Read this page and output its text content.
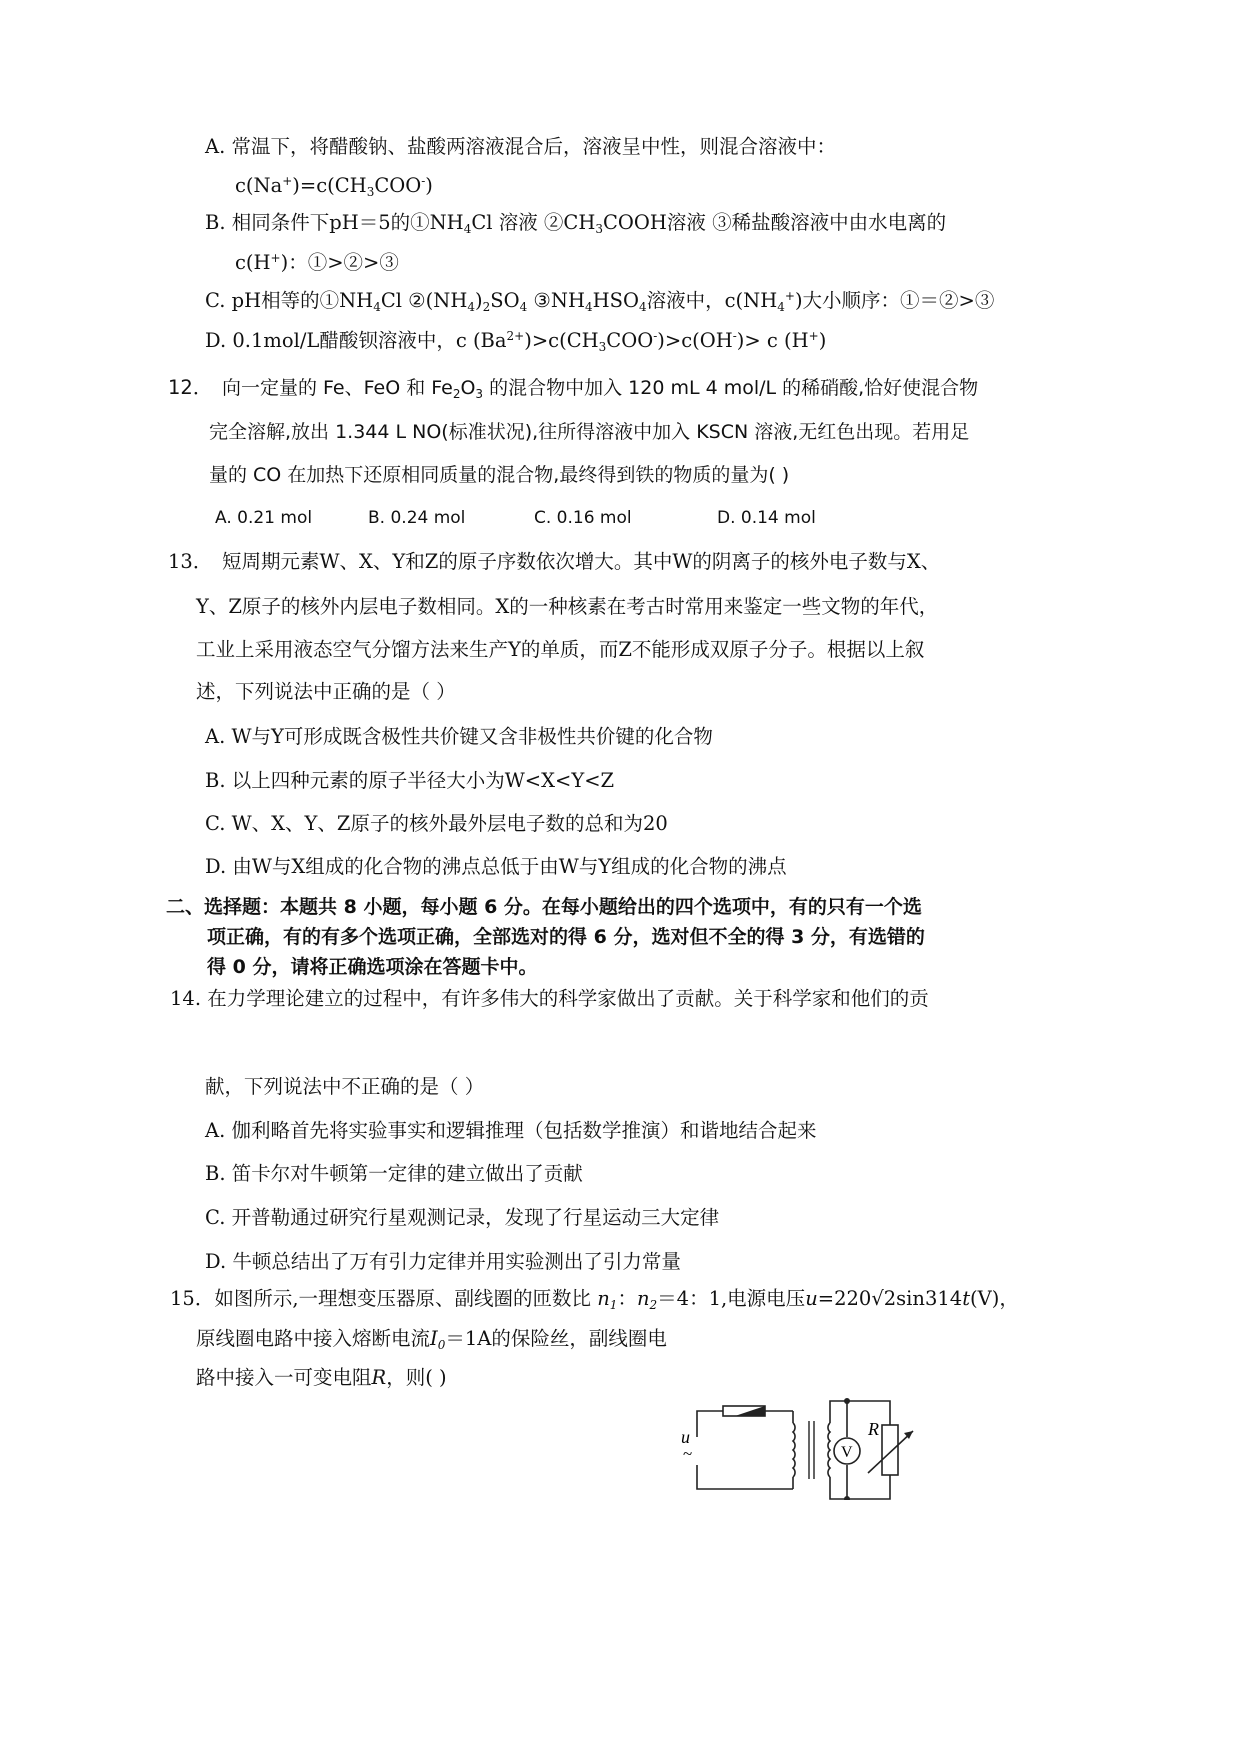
A. 常温下，将醋酸钠、盐酸两溶液混合后，溶液呈中性，则混合溶液中：
$c(Na^+)=c(CH_3COO^-)$
B. 相同条件下pH＝5的$①NH_4Cl$ 溶液 $②CH_3COOH$溶液 ③稀盐酸溶液中由水电离的
c(H+)：①>②>③
C. pH相等的$①NH_4Cl$ $②(NH_4)_2SO_4$ $③NH_4HSO_4$溶液中，$c(NH_4^+)$大小顺序：①＝②>③
D. 0.1mol/L醋酸钡溶液中，c $(Ba^{2+})>c(CH_3COO^-)>c(OH^-)> c$ (H+)
12． 向一定量的 Fe、FeO 和 $Fe_2O_3$ 的混合物中加入 120 mL 4 mol/L 的稀硝酸,恰好使混合物
完全溶解,放出 1.344 L NO(标准状况),往所得溶液中加入 KSCN 溶液,无红色出现。若用足
量的 CO 在加热下还原相同质量的混合物,最终得到铁的物质的量为( )
A. 0.21 mol	B. 0.24 mol	C. 0.16 mol	D. 0.14 mol
13． 短周期元素W、X、Y和Z的原子序数依次增大。其中W的阴离子的核外电子数与X、
Y、Z原子的核外内层电子数相同。X的一种核素在考古时常用来鉴定一些文物的年代，
工业上采用液态空气分馏方法来生产Y的单质，而Z不能形成双原子分子。根据以上叙
述，下列说法中正确的是（ ）
A. W与Y可形成既含极性共价键又含非极性共价键的化合物
B. 以上四种元素的原子半径大小为W<X<Y<Z
C. W、X、Y、Z原子的核外最外层电子数的总和为20
D. 由W与X组成的化合物的沸点总低于由W与Y组成的化合物的沸点
二、选择题：本题共 8 小题，每小题 6 分。在每小题给出的四个选项中，有的只有一个选
项正确，有的有多个选项正确，全部选对的得 6 分，选对但不全的得 3 分，有选错的
得 0 分，请将正确选项涂在答题卡中。
14. 在力学理论建立的过程中，有许多伟大的科学家做出了贡献。关于科学家和他们的贡
献，下列说法中不正确的是（ ）
A. 伽利略首先将实验事实和逻辑推理（包括数学推演）和谐地结合起来
B. 笛卡尔对牛顿第一定律的建立做出了贡献
C. 开普勒通过研究行星观测记录，发现了行星运动三大定律
D. 牛顿总结出了万有引力定律并用实验测出了引力常量
15．如图所示,一理想变压器原、副线圈的匝数比 $n_1$：$n_2=4$：1,电源电压u=220√2sin314t(V)，
原线圈电路中接入熔断电流$I_0=1A$的保险丝，副线圈电
路中接入一可变电阻R，则( )
u
~	V
R
